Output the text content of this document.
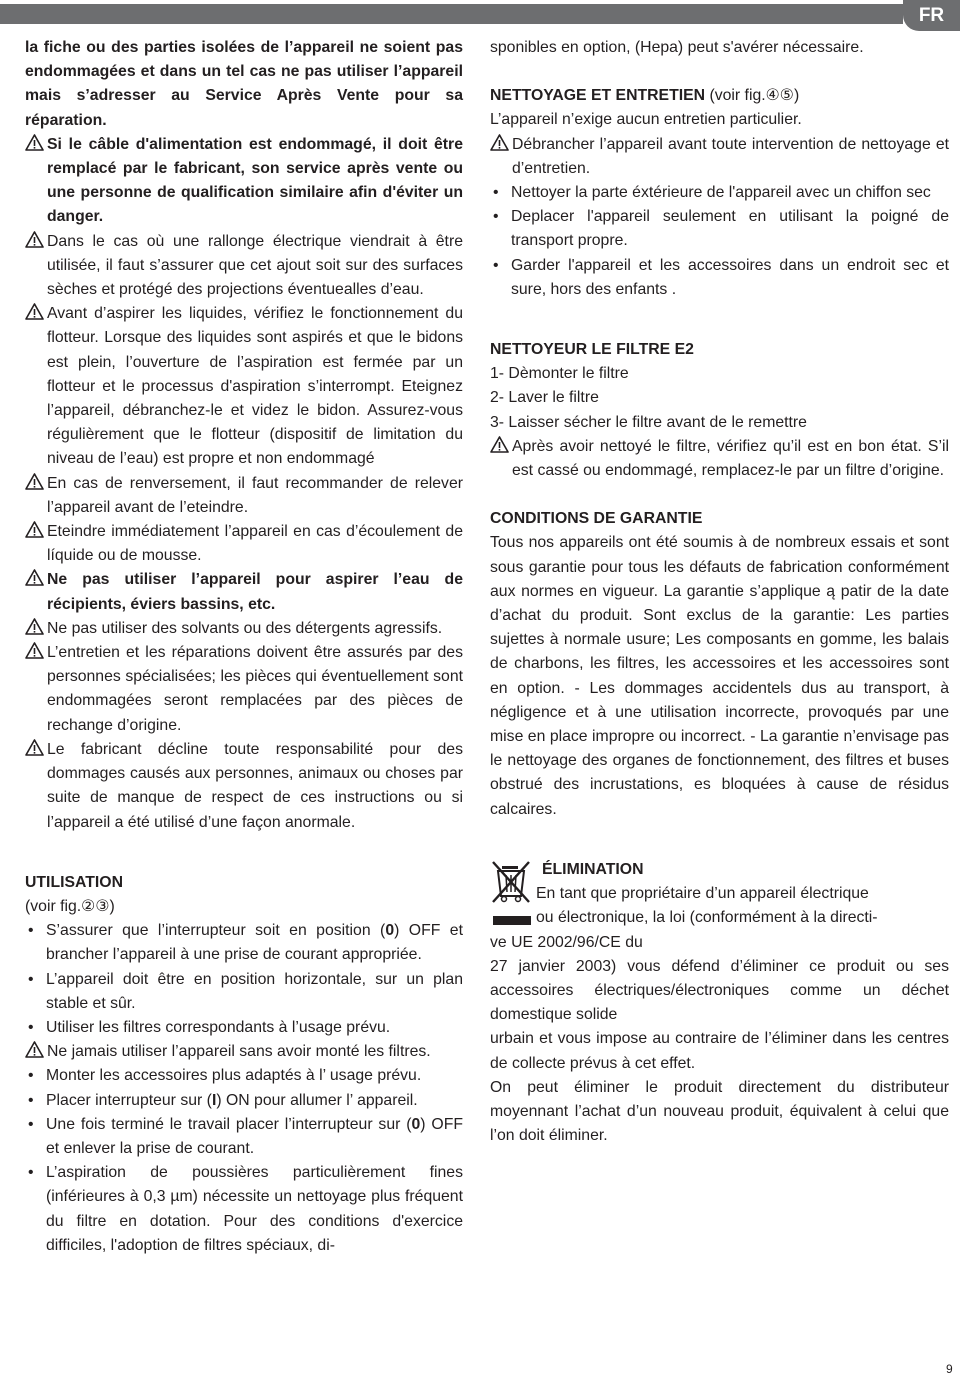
FR

la fiche ou des parties isolées de l’appareil ne soient pas endommagées et dans un tel cas ne pas utiliser l’appareil mais s’adresser au Service Après Vente pour sa réparation.

Si le câble d'alimentation est endommagé, il doit être remplacé par le fabricant, son service après vente ou une personne de qualification similaire afin d'éviter un danger.

Dans le cas où une rallonge électrique viendrait à être utilisée, il faut s’assurer que cet ajout soit sur des surfaces sèches et protégé des projections éventuealles d’eau.

Avant d’aspirer les liquides, vérifiez le fonctionnement du flotteur. Lorsque des liquides sont aspirés et que le bidons est plein, l’ouverture de l’aspiration est fermée par un flotteur et le processus d'aspiration s’interrompt. Eteignez l’appareil, débranchez-le et videz le bidon. Assurez-vous régulièrement que le flotteur (dispositif de limitation du niveau de l’eau) est propre et non endommagé

En cas de renversement, il faut recommander de relever l’appareil avant de l’eteindre.

Eteindre immédiatement l’appareil en cas d’écoulement de líquide ou de mousse.

Ne pas utiliser l’appareil pour aspirer l’eau de récipients, éviers bassins, etc.

Ne pas utiliser des solvants ou des détergents agressifs.

L’entretien et les réparations doivent être assurés par des personnes spécialisées; les pièces qui éventuellement sont endommagées seront remplacées par des pièces de rechange d’origine.

Le fabricant décline toute responsabilité pour des dommages causés aux personnes, animaux ou choses par suite de manque de respect de ces instructions ou si l’appareil a été utilisé d’une façon anormale.

UTILISATION

(voir fig.②③)

• S’assurer que l’interrupteur soit en position (0) OFF et brancher l’appareil à une prise de courant appropriée.
• L’appareil doit être en position horizontale, sur un plan stable et sûr.
• Utiliser les filtres correspondants à l’usage prévu.

Ne jamais utiliser l’appareil sans avoir monté les filtres.

• Monter les accessoires plus adaptés à l’ usage prévu.
• Placer interrupteur sur (I) ON pour allumer l’ appareil.
• Une fois terminé le travail placer l’interrupteur sur (0) OFF et enlever la prise de courant.
• L’aspiration de poussières particulièrement fines (inférieures à 0,3 µm) nécessite un nettoyage plus fréquent du filtre en dotation. Pour des conditions d'exercice difficiles, l'adoption de filtres spéciaux, di-

sponibles en option, (Hepa) peut s'avérer nécessaire.

NETTOYAGE ET ENTRETIEN (voir fig.④⑤)

L’appareil n’exige aucun entretien particulier.

Débrancher l’appareil avant toute intervention de nettoyage et d’entretien.

• Nettoyer la parte éxtérieure de l'appareil avec un chiffon sec
• Deplacer l'appareil seulement en utilisant la poigné de transport propre.
• Garder l'appareil et les accessoires dans un endroit sec et sure, hors des enfants .

NETTOYEUR LE FILTRE E2

1- Dèmonter le filtre

2- Laver le filtre

3- Laisser sécher le filtre avant de le remettre

Après avoir nettoyé le filtre, vérifiez qu’il est en bon état. S’il est cassé ou endommagé, remplacez-le par un filtre d’origine.

CONDITIONS DE GARANTIE

Tous nos appareils ont été soumis à de nombreux essais et sont sous garantie pour tous les défauts de fabrication conformément aux normes en vigueur. La garantie s’applique ą patir de la date d’achat du produit. Sont exclus de la garantie: Les parties sujettes à normale usure; Les composants en gomme, les balais de charbons, les filtres, les accessoires et les accessoires sont en option. - Les dommages accidentels dus au transport, à négligence et à une utilisation incorrecte, provoqués par une mise en place impropre ou incorrect. - La garantie n’envisage pas le nettoyage des organes de fonctionnement, des filtres et buses obstrué des incrustations, es bloquées à cause de résidus calcaires.

ÉLIMINATION

En tant que propriétaire d’un appareil électrique

ou électronique, la loi (conformément à la directi-

ve UE 2002/96/CE du

27 janvier 2003) vous défend d’éliminer ce produit ou ses accessoires électriques/électroniques comme un déchet domestique solide

urbain et vous impose au contraire de l’éliminer dans les centres de collecte prévus à cet effet.

On peut éliminer le produit directement du distributeur moyennant l’achat d’un nouveau produit, équivalent à celui que l’on doit éliminer.

9
